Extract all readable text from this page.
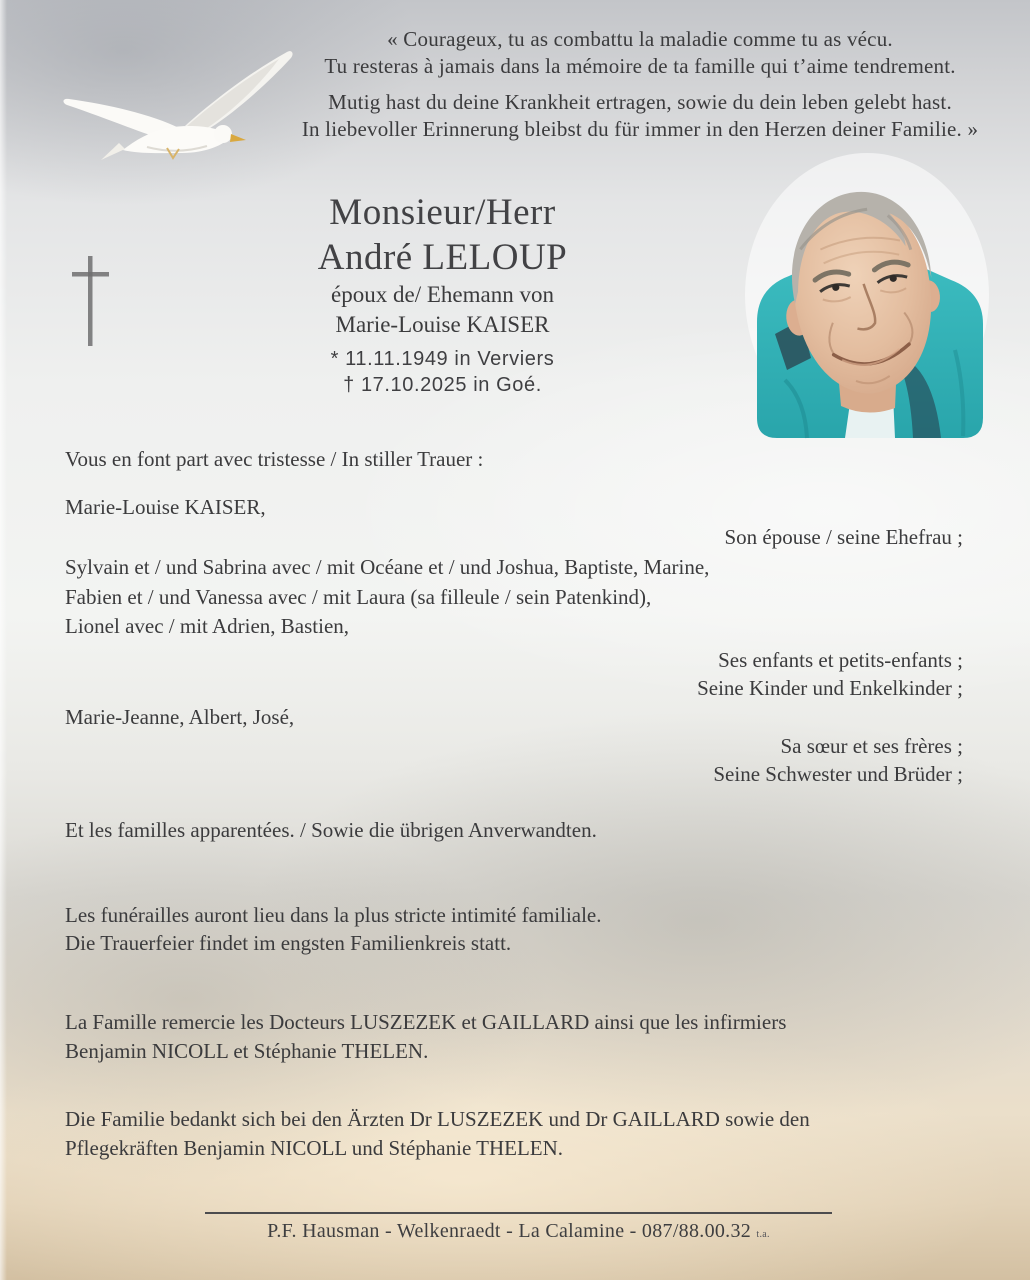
« Courageux, tu as combattu la maladie comme tu as vécu.
Tu resteras à jamais dans la mémoire de ta famille qui t’aime tendrement.
Mutig hast du deine Krankheit ertragen, sowie du dein leben gelebt hast.
In liebevoller Erinnerung bleibst du für immer in den Herzen deiner Familie. »
Monsieur/Herr
André LELOUP
époux de/ Ehemann von
Marie-Louise KAISER
* 11.11.1949 in Verviers
† 17.10.2025 in Goé.
Vous en font part avec tristesse / In stiller Trauer :
Marie-Louise KAISER,
Son épouse / seine Ehefrau ;
Sylvain et / und Sabrina avec / mit Océane et / und Joshua, Baptiste, Marine,
Fabien et / und Vanessa avec / mit Laura (sa filleule / sein Patenkind),
Lionel avec / mit Adrien, Bastien,
Ses enfants et petits-enfants ;
Seine Kinder und Enkelkinder ;
Marie-Jeanne, Albert, José,
Sa sœur et ses frères ;
Seine Schwester und Brüder ;
Et les familles apparentées. / Sowie die übrigen Anverwandten.
Les funérailles auront lieu dans la plus stricte intimité familiale.
Die Trauerfeier findet im engsten Familienkreis statt.
La Famille remercie les Docteurs LUSZEZEK et GAILLARD ainsi que les infirmiers
Benjamin NICOLL et Stéphanie THELEN.
Die Familie bedankt sich bei den Ärzten Dr LUSZEZEK und Dr GAILLARD sowie den
Pflegekräften Benjamin NICOLL und Stéphanie THELEN.
P.F. Hausman - Welkenraedt - La Calamine - 087/88.00.32 t.a.
